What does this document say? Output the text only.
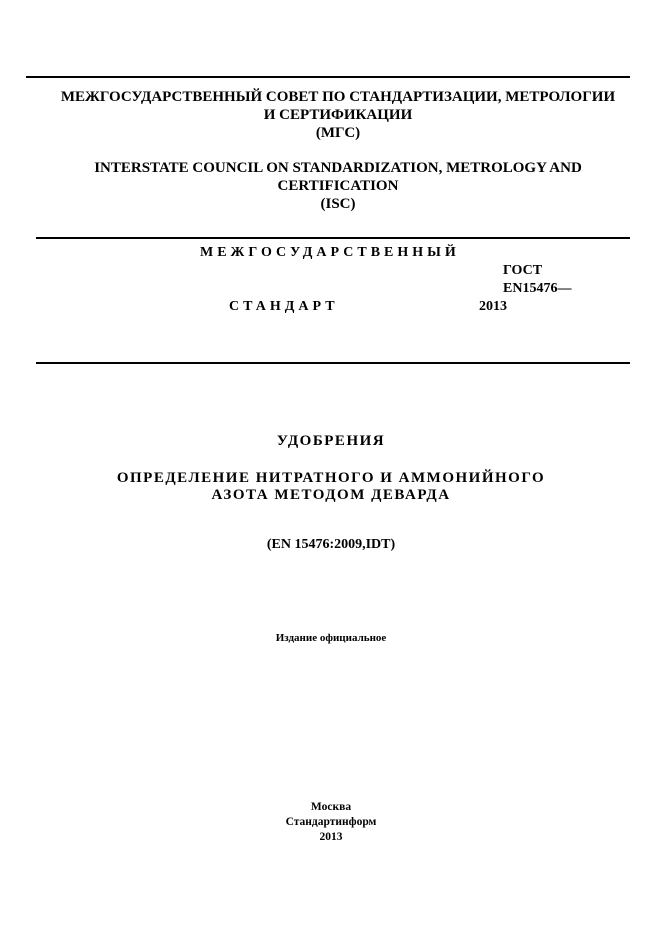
МЕЖГОСУДАРСТВЕННЫЙ СОВЕТ ПО СТАНДАРТИЗАЦИИ, МЕТРОЛОГИИ
И СЕРТИФИКАЦИИ
(МГС)
INTERSTATE COUNCIL ON STANDARDIZATION, METROLOGY AND
CERTIFICATION
(ISC)
МЕЖГОСУДАРСТВЕННЫЙ
ГОСТ
EN15476—
СТАНДАРТ	2013
УДОБРЕНИЯ
ОПРЕДЕЛЕНИЕ НИТРАТНОГО И АММОНИЙНОГО
АЗОТА МЕТОДОМ ДЕВАРДА
(EN 15476:2009,IDT)
Издание официальное
Москва
Стандартинформ
2013
